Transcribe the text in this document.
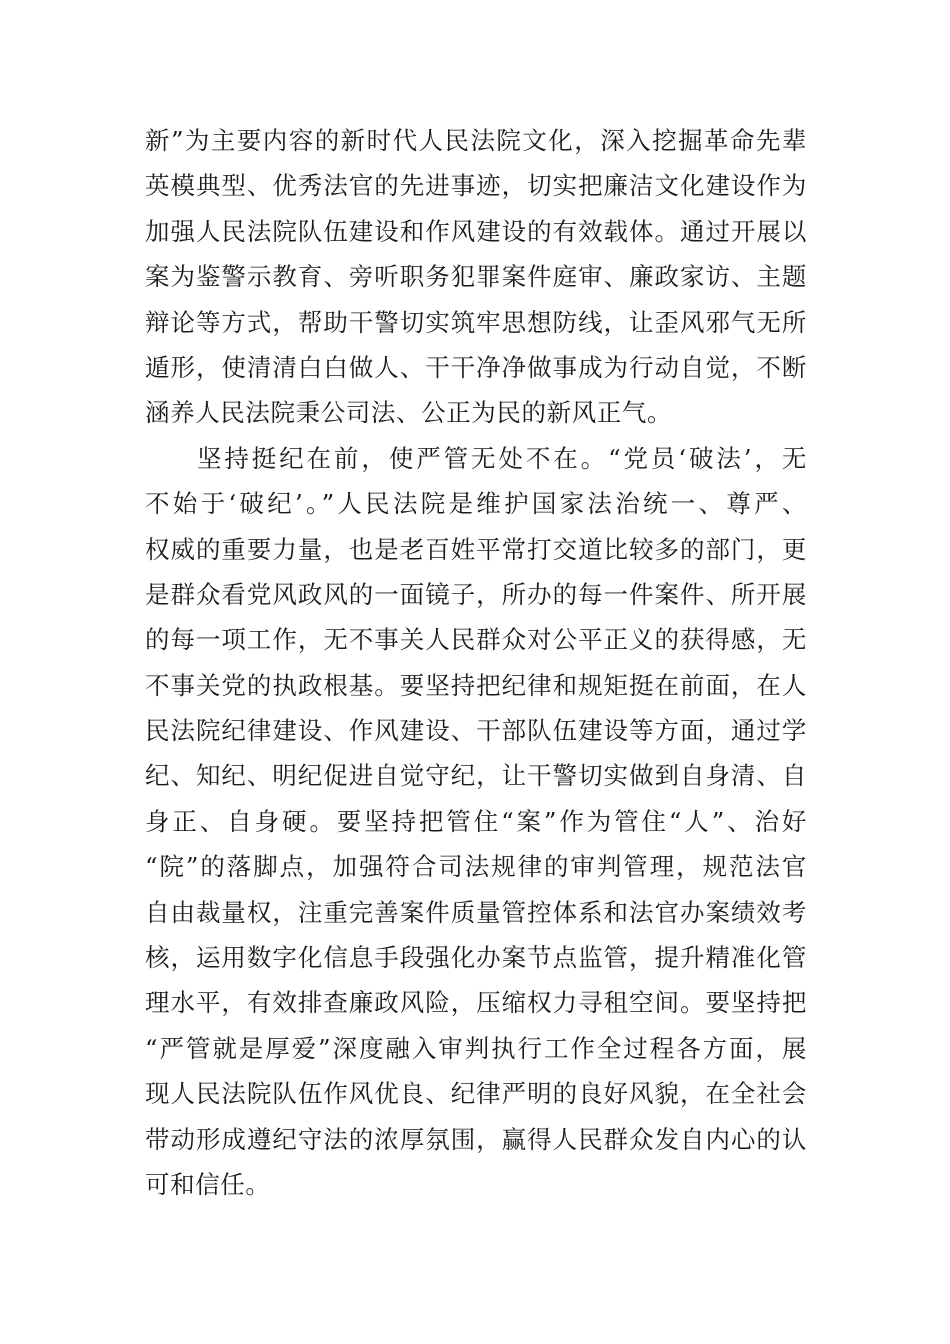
新”为主要内容的新时代人民法院文化，深入挖掘革命先辈
英模典型、优秀法官的先进事迹，切实把廉洁文化建设作为
加强人民法院队伍建设和作风建设的有效载体。通过开展以
案为鉴警示教育、旁听职务犯罪案件庭审、廉政家访、主题
辩论等方式，帮助干警切实筑牢思想防线，让歪风邪气无所
遁形，使清清白白做人、干干净净做事成为行动自觉，不断
涵养人民法院秉公司法、公正为民的新风正气。
坚持挺纪在前，使严管无处不在。“党员‘破法’，无
不始于‘破纪’。”人民法院是维护国家法治统一、尊严、
权威的重要力量，也是老百姓平常打交道比较多的部门，更
是群众看党风政风的一面镜子，所办的每一件案件、所开展
的每一项工作，无不事关人民群众对公平正义的获得感，无
不事关党的执政根基。要坚持把纪律和规矩挺在前面，在人
民法院纪律建设、作风建设、干部队伍建设等方面，通过学
纪、知纪、明纪促进自觉守纪，让干警切实做到自身清、自
身正、自身硬。要坚持把管住“案”作为管住“人”、治好
“院”的落脚点，加强符合司法规律的审判管理，规范法官
自由裁量权，注重完善案件质量管控体系和法官办案绩效考
核，运用数字化信息手段强化办案节点监管，提升精准化管
理水平，有效排查廉政风险，压缩权力寻租空间。要坚持把
“严管就是厚爱”深度融入审判执行工作全过程各方面，展
现人民法院队伍作风优良、纪律严明的良好风貌，在全社会
带动形成遵纪守法的浓厚氛围，赢得人民群众发自内心的认
可和信任。
